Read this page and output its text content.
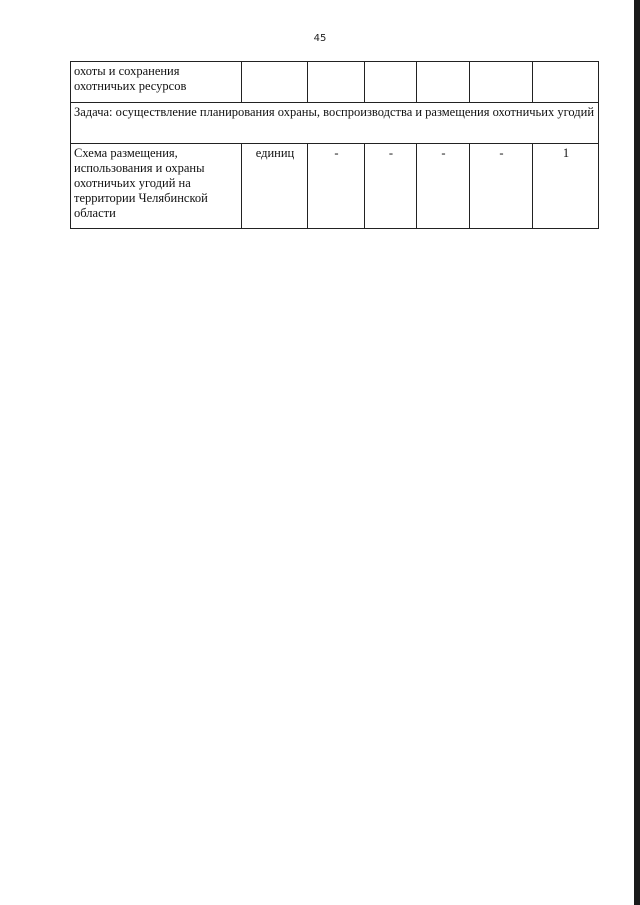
45
охоты и сохранения охотничьих ресурсов						
Задача: осуществление планирования охраны, воспроизводства и размещения охотничьих угодий						
Схема размещения, использования и охраны охотничьих угодий на территории Челябинской области	единиц	-	-	-	-	1
